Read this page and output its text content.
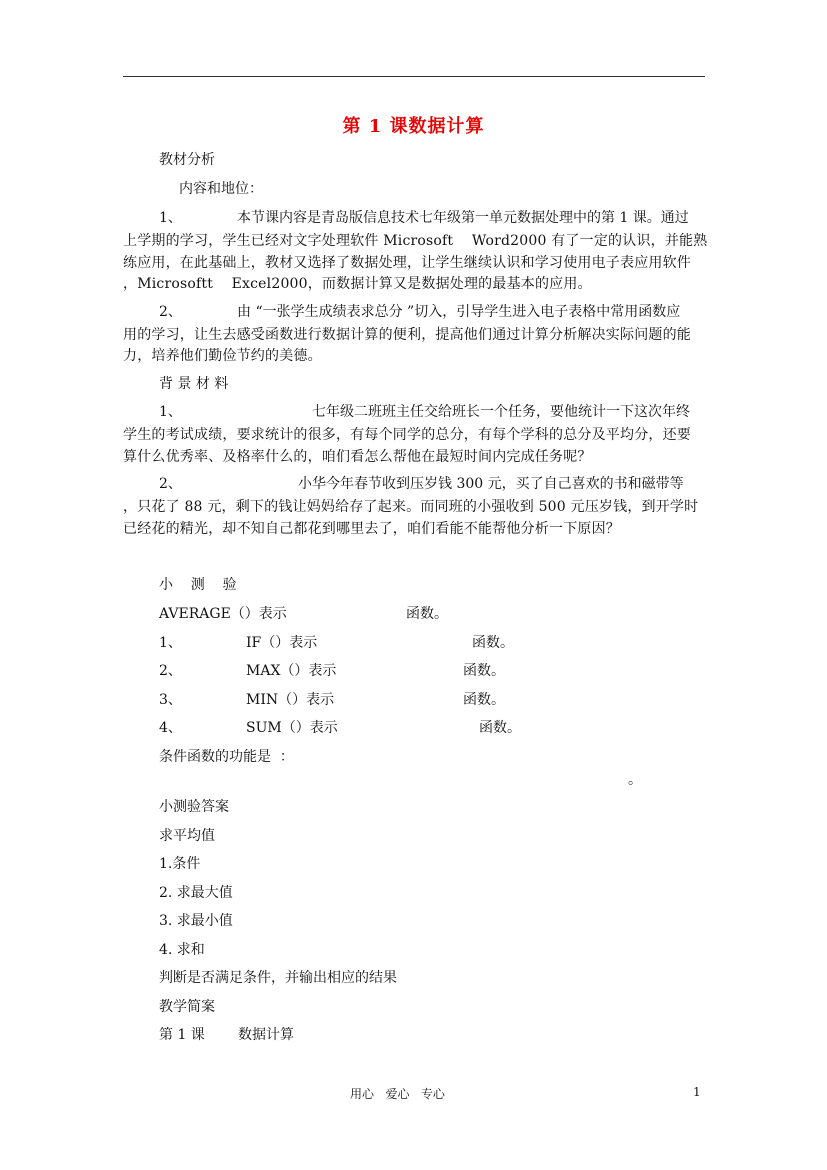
第 1 课数据计算
教材分析
内容和地位：
1、	本节课内容是青岛版信息技术七年级第一单元数据处理中的第 1 课。通过
上学期的学习，学生已经对文字处理软件 Microsoft    Word2000 有了一定的认识，并能熟
练应用，在此基础上，教材又选择了数据处理，让学生继续认识和学习使用电子表应用软件
，Microsoftt    Excel2000，而数据计算又是数据处理的最基本的应用。
2、	由 “一张学生成绩表求总分 ”切入，引导学生进入电子表格中常用函数应
用的学习，让生去感受函数进行数据计算的便利，提高他们通过计算分析解决实际问题的能
力，培养他们勤俭节约的美德。
背 景 材 料
1、	七年级二班班主任交给班长一个任务，要他统计一下这次年终
学生的考试成绩，要求统计的很多，有每个同学的总分，有每个学科的总分及平均分，还要
算什么优秀率、及格率什么的，咱们看怎么帮他在最短时间内完成任务呢？
2、	小华今年春节收到压岁钱 300 元，买了自己喜欢的书和磁带等
，只花了 88 元，剩下的钱让妈妈给存了起来。而同班的小强收到 500 元压岁钱，到开学时
已经花的精光，却不知自己都花到哪里去了，咱们看能不能帮他分析一下原因？
小    测    验
AVERAGE（）表示	函数。
1、	IF（）表示	函数。
2、	MAX（）表示	函数。
3、	MIN（）表示	函数。
4、	SUM（）表示	函数。
条件函数的功能是  ：
。
小测验答案
求平均值
1.条件
2. 求最大值
3. 求最小值
4. 求和
判断是否满足条件，并输出相应的结果
教学简案
第 1 课 数据计算
用心   爱心   专心	1
